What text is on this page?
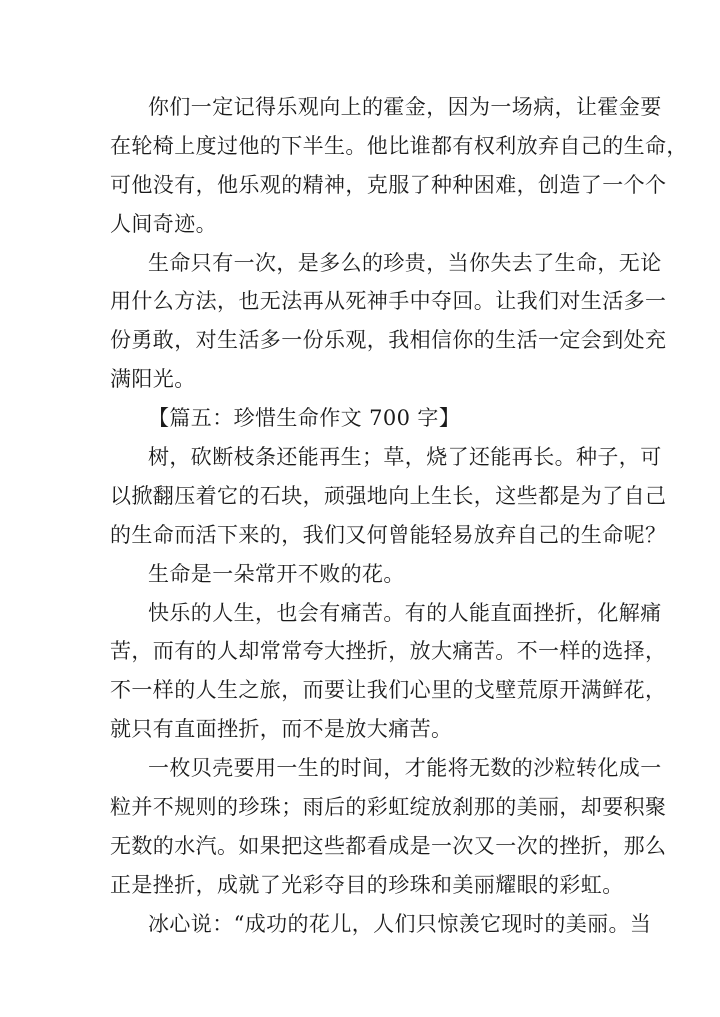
你们一定记得乐观向上的霍金，因为一场病，让霍金要
在轮椅上度过他的下半生。他比谁都有权利放弃自己的生命，
可他没有，他乐观的精神，克服了种种困难，创造了一个个
人间奇迹。
生命只有一次，是多么的珍贵，当你失去了生命，无论
用什么方法，也无法再从死神手中夺回。让我们对生活多一
份勇敢，对生活多一份乐观，我相信你的生活一定会到处充
满阳光。
【篇五：珍惜生命作文 700 字】
树，砍断枝条还能再生；草，烧了还能再长。种子，可
以掀翻压着它的石块，顽强地向上生长，这些都是为了自己
的生命而活下来的，我们又何曾能轻易放弃自己的生命呢？
生命是一朵常开不败的花。
快乐的人生，也会有痛苦。有的人能直面挫折，化解痛
苦，而有的人却常常夸大挫折，放大痛苦。不一样的选择，
不一样的人生之旅，而要让我们心里的戈壁荒原开满鲜花，
就只有直面挫折，而不是放大痛苦。
一枚贝壳要用一生的时间，才能将无数的沙粒转化成一
粒并不规则的珍珠；雨后的彩虹绽放刹那的美丽，却要积聚
无数的水汽。如果把这些都看成是一次又一次的挫折，那么
正是挫折，成就了光彩夺目的珍珠和美丽耀眼的彩虹。
冰心说：“成功的花儿，人们只惊羡它现时的美丽。当
